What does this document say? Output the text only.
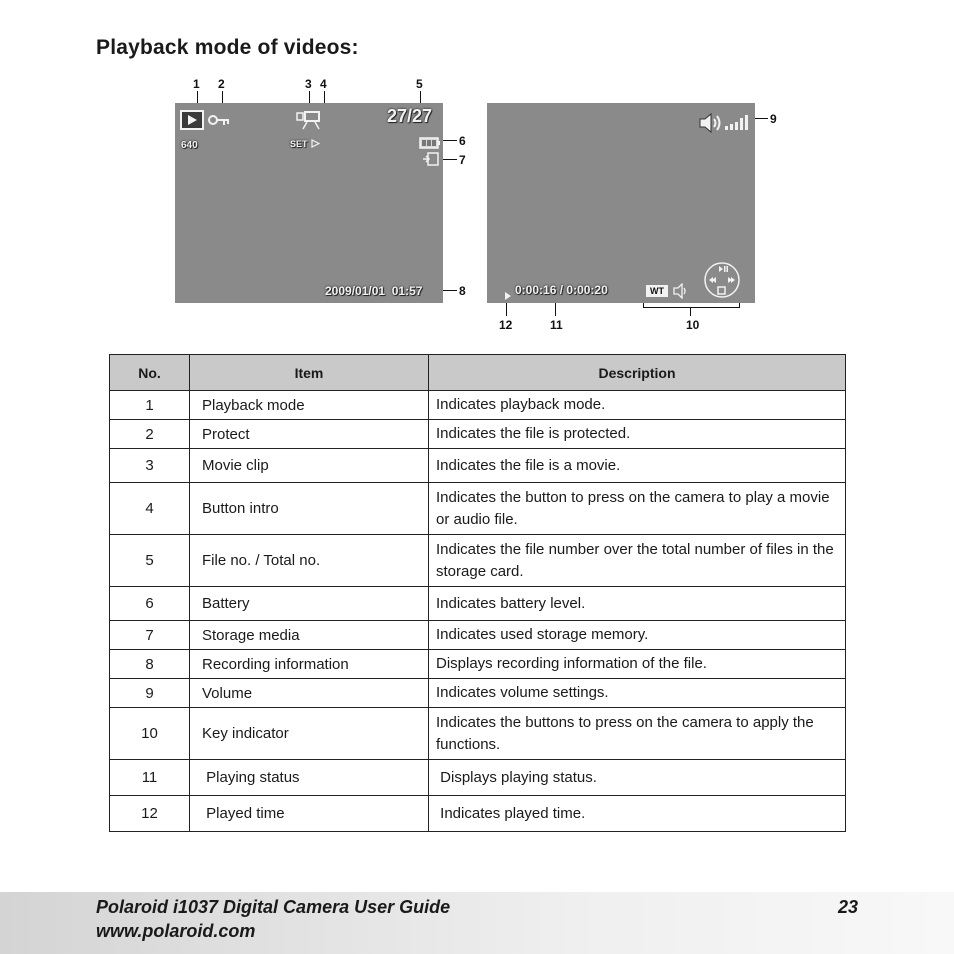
Playback mode of videos:
1 2	3 4	5
6
7
8
9
10
11
12
640	SET
27/27
2009/01/01  01:57	0:00:16 / 0:00:20	WT
No.	Item	Description
1	Playback mode	Indicates playback mode.
2	Protect	Indicates the file is protected.
3	Movie clip	Indicates the file is a movie.
4	Button intro	Indicates the button to press on the camera to play a movie or audio file.
5	File no. / Total no.	Indicates the file number over the total number of files in the storage card.
6	Battery	Indicates battery level.
7	Storage media	Indicates used storage memory.
8	Recording information	Displays recording information of the file.
9	Volume	Indicates volume settings.
10	Key indicator	Indicates the buttons to press on the camera to apply the functions.
11	Playing status	Displays playing status.
12	Played time	Indicates played time.
Polaroid i1037 Digital Camera User Guide
www.polaroid.com
23
